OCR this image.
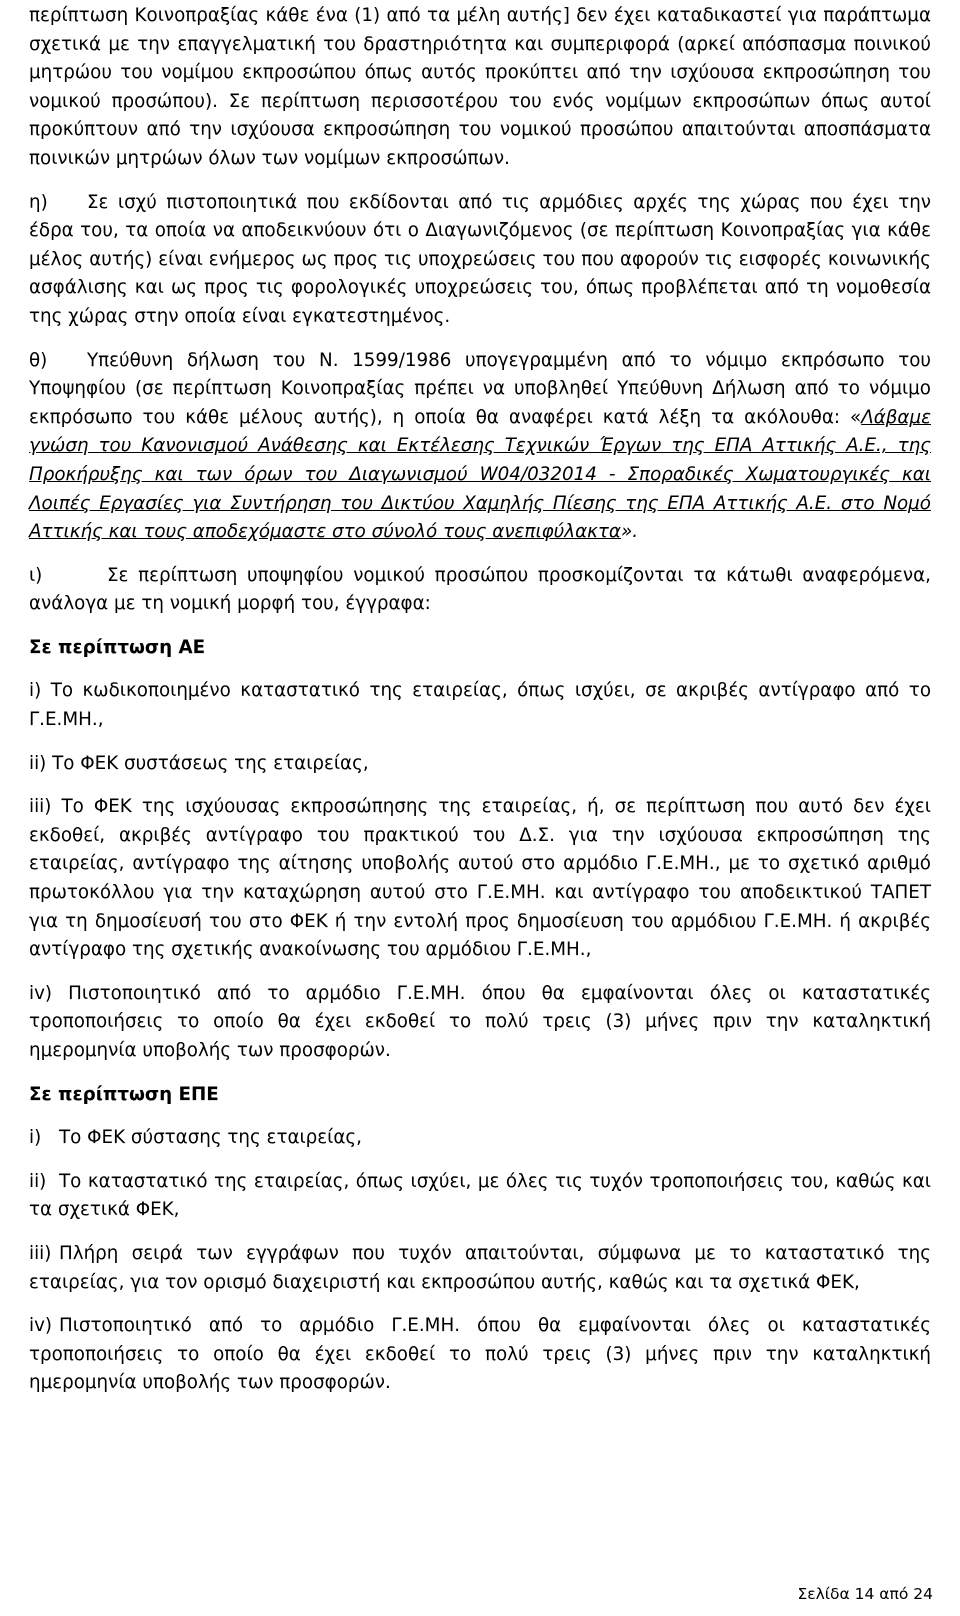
περίπτωση Κοινοπραξίας κάθε ένα (1) από τα μέλη αυτής] δεν έχει καταδικαστεί για παράπτωμα σχετικά με την επαγγελματική του δραστηριότητα και συμπεριφορά (αρκεί απόσπασμα ποινικού μητρώου του νομίμου εκπροσώπου όπως αυτός προκύπτει από την ισχύουσα εκπροσώπηση του νομικού προσώπου). Σε περίπτωση περισσοτέρου του ενός νομίμων εκπροσώπων όπως αυτοί προκύπτουν από την ισχύουσα εκπροσώπηση του νομικού προσώπου απαιτούνται αποσπάσματα ποινικών μητρώων όλων των νομίμων εκπροσώπων.

η) Σε ισχύ πιστοποιητικά που εκδίδονται από τις αρμόδιες αρχές της χώρας που έχει την έδρα του, τα οποία να αποδεικνύουν ότι ο Διαγωνιζόμενος (σε περίπτωση Κοινοπραξίας για κάθε μέλος αυτής) είναι ενήμερος ως προς τις υποχρεώσεις του που αφορούν τις εισφορές κοινωνικής ασφάλισης και ως προς τις φορολογικές υποχρεώσεις του, όπως προβλέπεται από τη νομοθεσία της χώρας στην οποία είναι εγκατεστημένος.

θ) Υπεύθυνη δήλωση του Ν. 1599/1986 υπογεγραμμένη από το νόμιμο εκπρόσωπο του Υποψηφίου (σε περίπτωση Κοινοπραξίας πρέπει να υποβληθεί Υπεύθυνη Δήλωση από το νόμιμο εκπρόσωπο του κάθε μέλους αυτής), η οποία θα αναφέρει κατά λέξη τα ακόλουθα: «Λάβαμε γνώση του Κανονισμού Ανάθεσης και Εκτέλεσης Τεχνικών Έργων της ΕΠΑ Αττικής Α.Ε., της Προκήρυξης και των όρων του Διαγωνισμού W04/032014 - Σποραδικές Χωματουργικές και Λοιπές Εργασίες για Συντήρηση του Δικτύου Χαμηλής Πίεσης της ΕΠΑ Αττικής Α.Ε. στο Νομό Αττικής και τους αποδεχόμαστε στο σύνολό τους ανεπιφύλακτα».

ι)	Σε περίπτωση υποψηφίου νομικού προσώπου προσκομίζονται τα κάτωθι αναφερόμενα, ανάλογα με τη νομική μορφή του, έγγραφα:

Σε περίπτωση ΑΕ

i) Το κωδικοποιημένο καταστατικό της εταιρείας, όπως ισχύει, σε ακριβές αντίγραφο από το Γ.Ε.ΜΗ.,

ii) Το ΦΕΚ συστάσεως της εταιρείας,

iii) Το ΦΕΚ της ισχύουσας εκπροσώπησης της εταιρείας, ή, σε περίπτωση που αυτό δεν έχει εκδοθεί, ακριβές αντίγραφο του πρακτικού του Δ.Σ. για την ισχύουσα εκπροσώπηση της εταιρείας, αντίγραφο της αίτησης υποβολής αυτού στο αρμόδιο Γ.Ε.ΜΗ., με το σχετικό αριθμό πρωτοκόλλου για την καταχώρηση αυτού στο Γ.Ε.ΜΗ. και αντίγραφο του αποδεικτικού ΤΑΠΕΤ για τη δημοσίευσή του στο ΦΕΚ ή την εντολή προς δημοσίευση του αρμόδιου Γ.Ε.ΜΗ. ή ακριβές αντίγραφο της σχετικής ανακοίνωσης του αρμόδιου Γ.Ε.ΜΗ.,

iv) Πιστοποιητικό από το αρμόδιο Γ.Ε.ΜΗ. όπου θα εμφαίνονται όλες οι καταστατικές τροποποιήσεις το οποίο θα έχει εκδοθεί το πολύ τρεις (3) μήνες πριν την καταληκτική ημερομηνία υποβολής των προσφορών.

Σε περίπτωση ΕΠΕ

i) Το ΦΕΚ σύστασης της εταιρείας,

ii) Το καταστατικό της εταιρείας, όπως ισχύει, με όλες τις τυχόν τροποποιήσεις του, καθώς και τα σχετικά ΦΕΚ,

iii) Πλήρη σειρά των εγγράφων που τυχόν απαιτούνται, σύμφωνα με το καταστατικό της εταιρείας, για τον ορισμό διαχειριστή και εκπροσώπου αυτής, καθώς και τα σχετικά ΦΕΚ,

iv) Πιστοποιητικό από το αρμόδιο Γ.Ε.ΜΗ. όπου θα εμφαίνονται όλες οι καταστατικές τροποποιήσεις το οποίο θα έχει εκδοθεί το πολύ τρεις (3) μήνες πριν την καταληκτική ημερομηνία υποβολής των προσφορών.

Σελίδα 14 από 24
